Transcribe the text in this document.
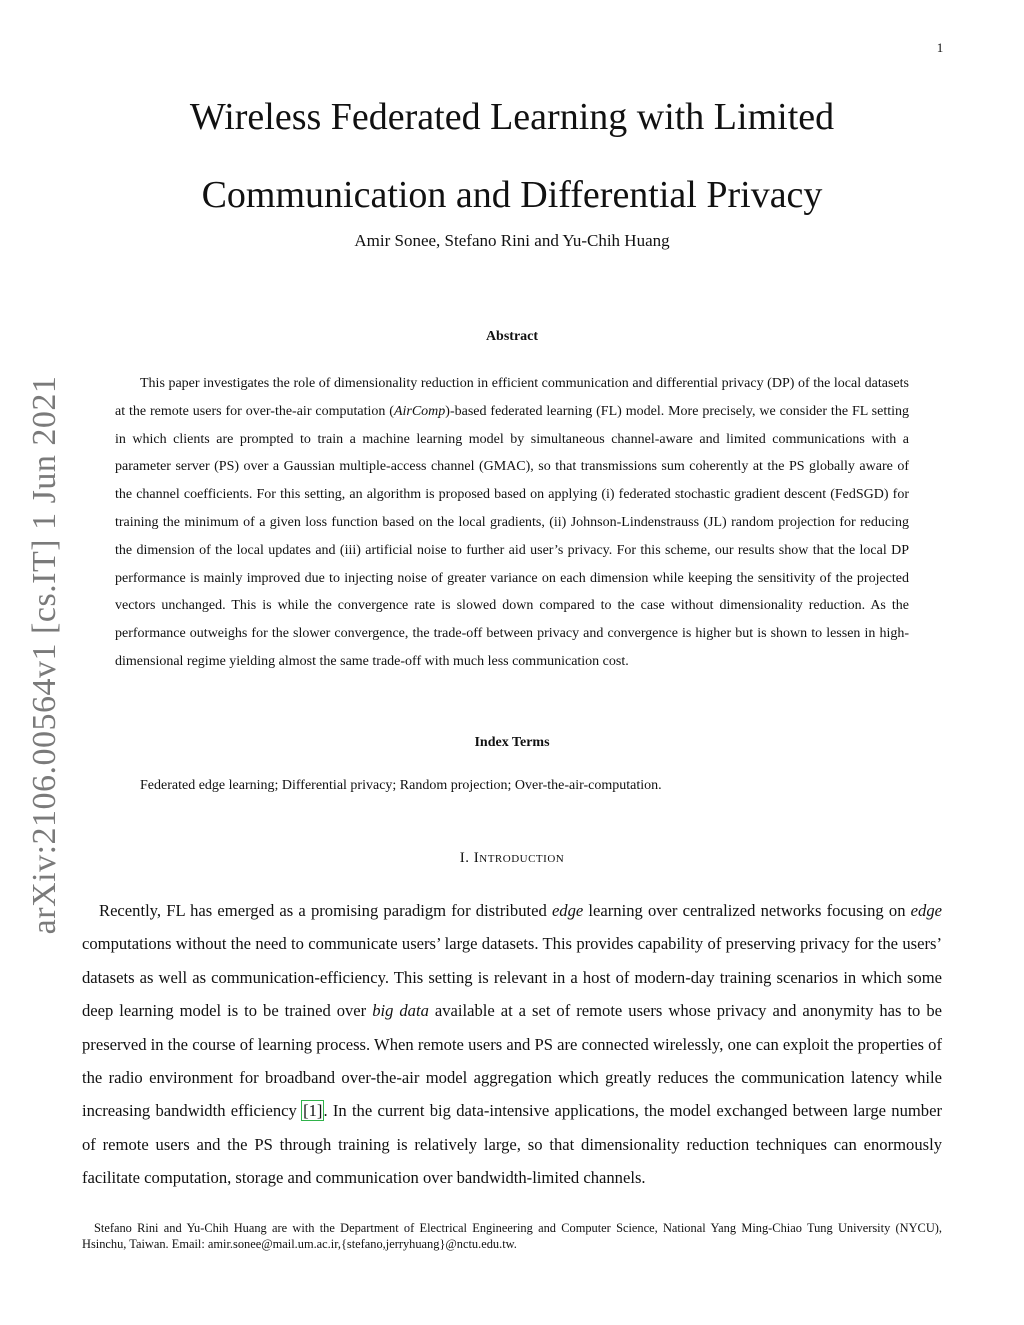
1
arXiv:2106.00564v1 [cs.IT] 1 Jun 2021
Wireless Federated Learning with Limited
Communication and Differential Privacy
Amir Sonee, Stefano Rini and Yu-Chih Huang
Abstract

This paper investigates the role of dimensionality reduction in efficient communication and differential privacy (DP) of the local datasets at the remote users for over-the-air computation (AirComp)-based federated learning (FL) model. More precisely, we consider the FL setting in which clients are prompted to train a machine learning model by simultaneous channel-aware and limited communications with a parameter server (PS) over a Gaussian multiple-access channel (GMAC), so that transmissions sum coherently at the PS globally aware of the channel coefficients. For this setting, an algorithm is proposed based on applying (i) federated stochastic gradient descent (FedSGD) for training the minimum of a given loss function based on the local gradients, (ii) Johnson-Lindenstrauss (JL) random projection for reducing the dimension of the local updates and (iii) artificial noise to further aid user’s privacy. For this scheme, our results show that the local DP performance is mainly improved due to injecting noise of greater variance on each dimension while keeping the sensitivity of the projected vectors unchanged. This is while the convergence rate is slowed down compared to the case without dimensionality reduction. As the performance outweighs for the slower convergence, the trade-off between privacy and convergence is higher but is shown to lessen in high-dimensional regime yielding almost the same trade-off with much less communication cost.

Index Terms
Federated edge learning; Differential privacy; Random projection; Over-the-air-computation.
I. Introduction

Recently, FL has emerged as a promising paradigm for distributed edge learning over centralized networks focusing on edge computations without the need to communicate users’ large datasets. This provides capability of preserving privacy for the users’ datasets as well as communication-efficiency. This setting is relevant in a host of modern-day training scenarios in which some deep learning model is to be trained over big data available at a set of remote users whose privacy and anonymity has to be preserved in the course of learning process. When remote users and PS are connected wirelessly, one can exploit the properties of the radio environment for broadband over-the-air model aggregation which greatly reduces the communication latency while increasing bandwidth efficiency [1]. In the current big data-intensive applications, the model exchanged between large number of remote users and the PS through training is relatively large, so that dimensionality reduction techniques can enormously facilitate computation, storage and communication over bandwidth-limited channels.

Stefano Rini and Yu-Chih Huang are with the Department of Electrical Engineering and Computer Science, National Yang Ming-Chiao Tung University (NYCU), Hsinchu, Taiwan. Email: amir.sonee@mail.um.ac.ir,{stefano,jerryhuang}@nctu.edu.tw.
